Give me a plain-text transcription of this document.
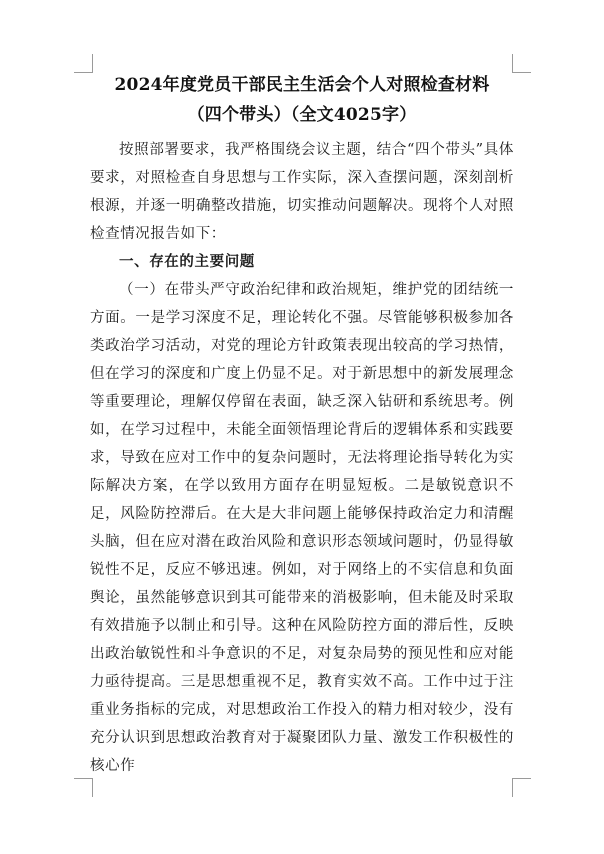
2024年度党员干部民主生活会个人对照检查材料
（四个带头）（全文4025字）

按照部署要求，我严格围绕会议主题，结合“四个带头”具体要求，对照检查自身思想与工作实际，深入查摆问题，深刻剖析根源，并逐一明确整改措施，切实推动问题解决。现将个人对照检查情况报告如下：

一、存在的主要问题

（一）在带头严守政治纪律和政治规矩，维护党的团结统一方面。一是学习深度不足，理论转化不强。尽管能够积极参加各类政治学习活动，对党的理论方针政策表现出较高的学习热情，但在学习的深度和广度上仍显不足。对于新思想中的新发展理念等重要理论，理解仅停留在表面，缺乏深入钻研和系统思考。例如，在学习过程中，未能全面领悟理论背后的逻辑体系和实践要求，导致在应对工作中的复杂问题时，无法将理论指导转化为实际解决方案，在学以致用方面存在明显短板。二是敏锐意识不足，风险防控滞后。在大是大非问题上能够保持政治定力和清醒头脑，但在应对潜在政治风险和意识形态领域问题时，仍显得敏锐性不足，反应不够迅速。例如，对于网络上的不实信息和负面舆论，虽然能够意识到其可能带来的消极影响，但未能及时采取有效措施予以制止和引导。这种在风险防控方面的滞后性，反映出政治敏锐性和斗争意识的不足，对复杂局势的预见性和应对能力亟待提高。三是思想重视不足，教育实效不高。工作中过于注重业务指标的完成，对思想政治工作投入的精力相对较少，没有充分认识到思想政治教育对于凝聚团队力量、激发工作积极性的核心作
